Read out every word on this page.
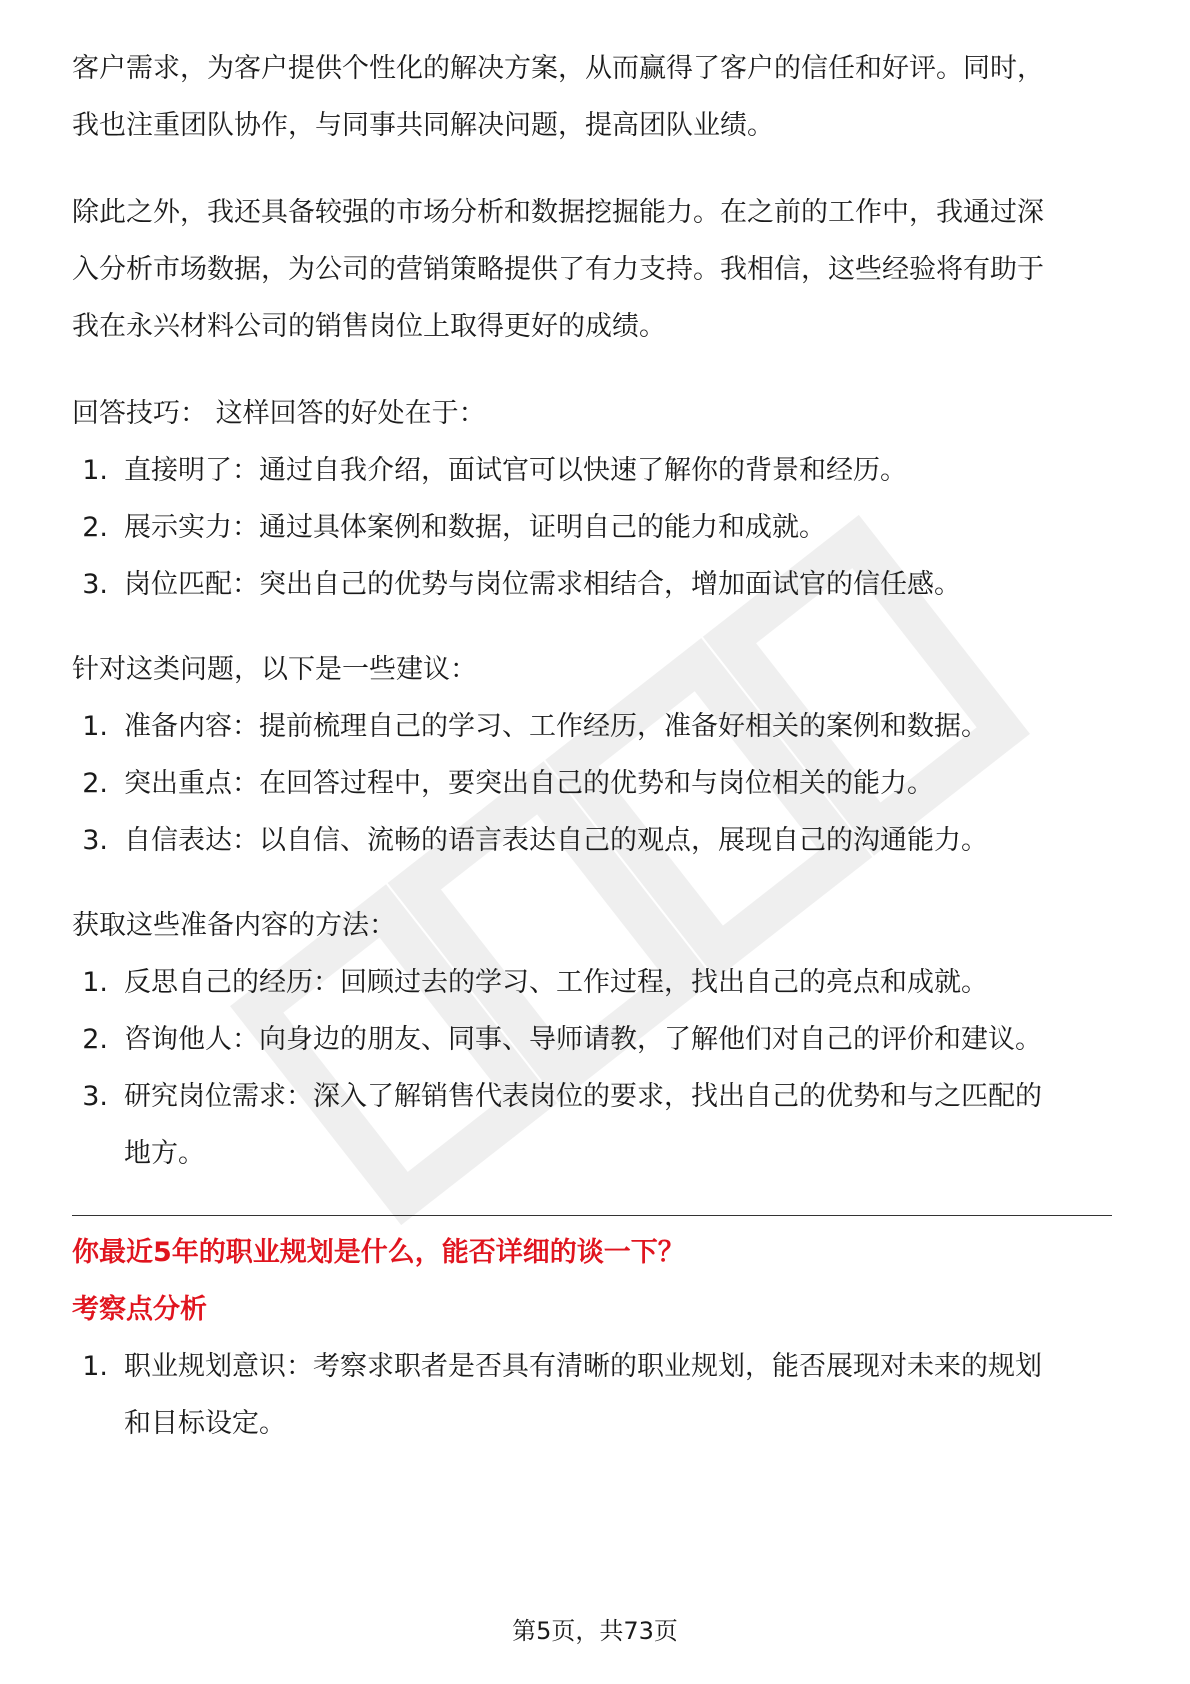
客户需求，为客户提供个性化的解决方案，从而赢得了客户的信任和好评。同时，

我也注重团队协作，与同事共同解决问题，提高团队业绩。

除此之外，我还具备较强的市场分析和数据挖掘能力。在之前的工作中，我通过深

入分析市场数据，为公司的营销策略提供了有力支持。我相信，这些经验将有助于

我在永兴材料公司的销售岗位上取得更好的成绩。

回答技巧： 这样回答的好处在于：

1. 直接明了：通过自我介绍，面试官可以快速了解你的背景和经历。
2. 展示实力：通过具体案例和数据，证明自己的能力和成就。
3. 岗位匹配：突出自己的优势与岗位需求相结合，增加面试官的信任感。

针对这类问题，以下是一些建议：

1. 准备内容：提前梳理自己的学习、工作经历，准备好相关的案例和数据。
2. 突出重点：在回答过程中，要突出自己的优势和与岗位相关的能力。
3. 自信表达：以自信、流畅的语言表达自己的观点，展现自己的沟通能力。

获取这些准备内容的方法：

1. 反思自己的经历：回顾过去的学习、工作过程，找出自己的亮点和成就。
2. 咨询他人：向身边的朋友、同事、导师请教，了解他们对自己的评价和建议。
3. 研究岗位需求：深入了解销售代表岗位的要求，找出自己的优势和与之匹配的
地方。

你最近5年的职业规划是什么，能否详细的谈一下？

考察点分析

1. 职业规划意识：考察求职者是否具有清晰的职业规划，能否展现对未来的规划
和目标设定。
第5页，共73页
